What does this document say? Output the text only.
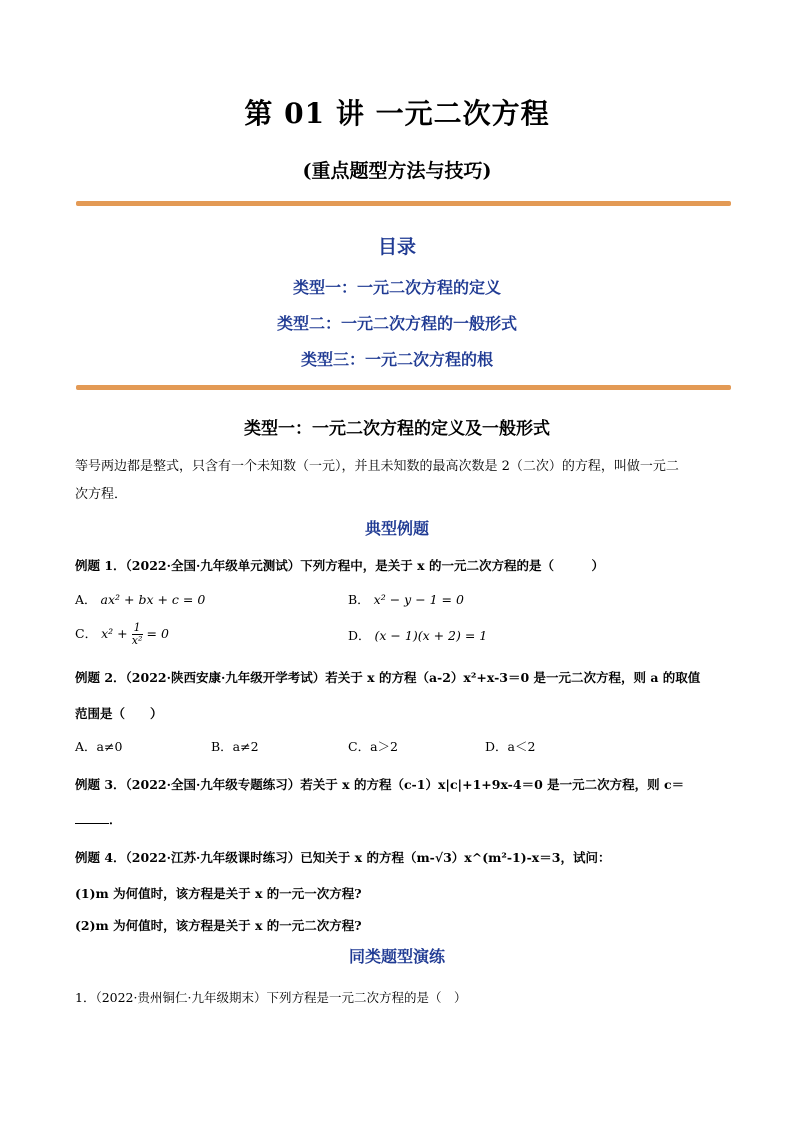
第 01 讲 一元二次方程
(重点题型方法与技巧)
目录
类型一：一元二次方程的定义
类型二：一元二次方程的一般形式
类型三：一元二次方程的根
类型一：一元二次方程的定义及一般形式
等号两边都是整式，只含有一个未知数（一元），并且未知数的最高次数是 2（二次）的方程，叫做一元二
次方程．
典型例题
例题 1．（2022·全国·九年级单元测试）下列方程中，是关于 x 的一元二次方程的是（　　　）
A． ax² + bx + c = 0	B． x² − y − 1 = 0
C． $x^2 + \frac{1}{\text{x²}} = 0$	D． (x − 1)(x + 2) = 1
例题 2．（2022·陕西安康·九年级开学考试）若关于 x 的方程（a-2）x²+x-3＝0 是一元二次方程，则 a 的取值
范围是（　　）
A．a≠0	B．a≠2	C．a＞2	D．a＜2
例题 3．（2022·全国·九年级专题练习）若关于 x 的方程（c-1）x|c|+1+9x-4＝0 是一元二次方程，则 c＝
．
例题 4．（2022·江苏·九年级课时练习）已知关于 x 的方程（m-√3）x^(m²-1)-x＝3，试问：
(1)m 为何值时，该方程是关于 x 的一元一次方程?
(2)m 为何值时，该方程是关于 x 的一元二次方程?
同类题型演练
1．（2022·贵州铜仁·九年级期末）下列方程是一元二次方程的是（　）
